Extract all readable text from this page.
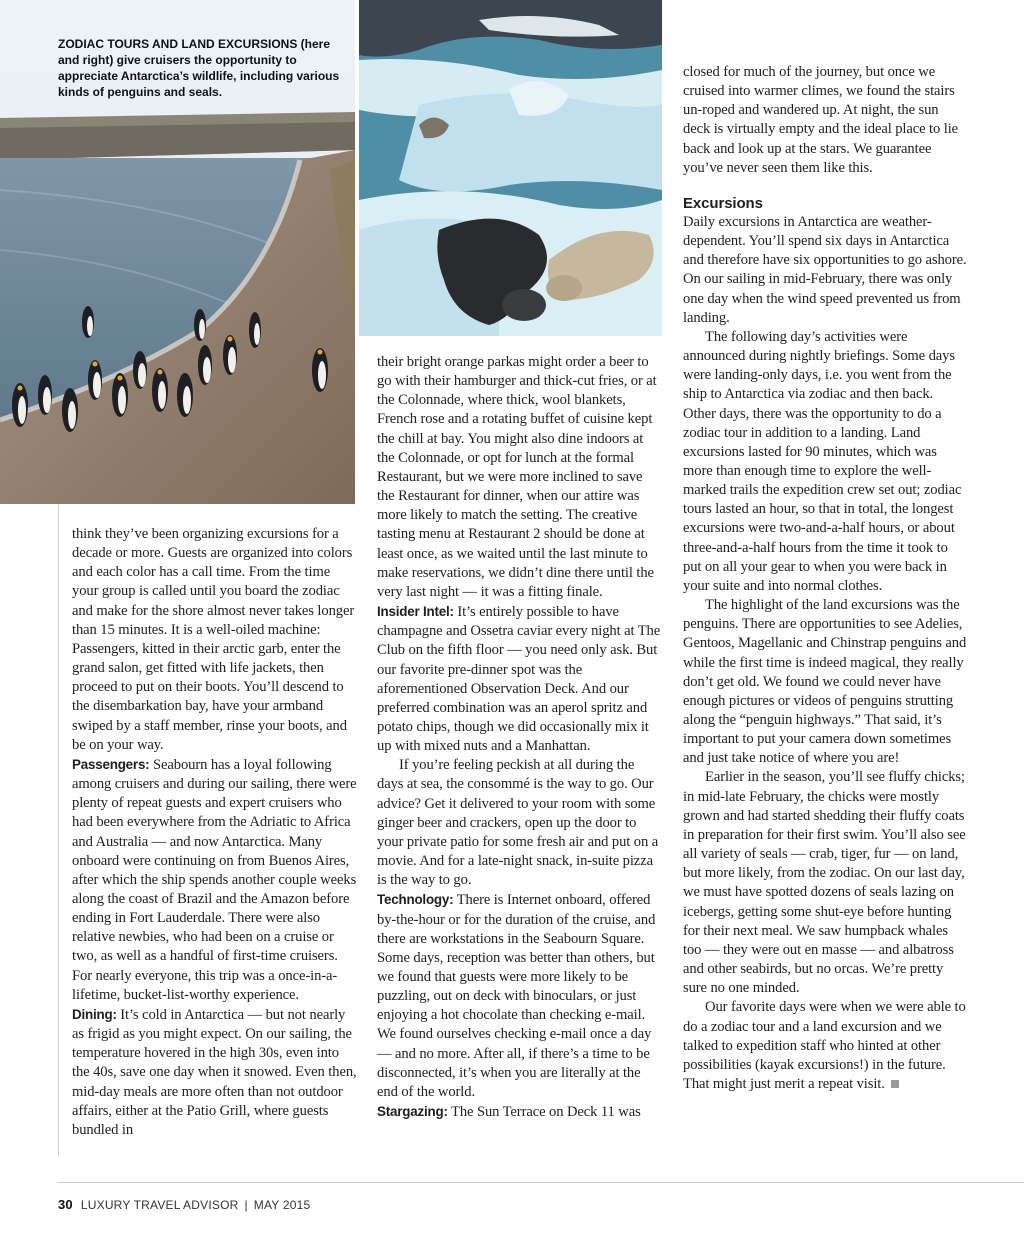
ZODIAC TOURS AND LAND EXCURSIONS (here and right) give cruisers the opportunity to appreciate Antarctica’s wildlife, including various kinds of penguins and seals.

think they’ve been organizing excursions for a decade or more. Guests are organized into colors and each color has a call time. From the time your group is called until you board the zodiac and make for the shore almost never takes longer than 15 minutes. It is a well-oiled machine: Passengers, kitted in their arctic garb, enter the grand salon, get fitted with life jackets, then proceed to put on their boots. You’ll descend to the disembarkation bay, have your armband swiped by a staff member, rinse your boots, and be on your way.

Passengers: Seabourn has a loyal following among cruisers and during our sailing, there were plenty of repeat guests and expert cruisers who had been everywhere from the Adriatic to Africa and Australia — and now Antarctica. Many onboard were continuing on from Buenos Aires, after which the ship spends another couple weeks along the coast of Brazil and the Amazon before ending in Fort Lauderdale. There were also relative newbies, who had been on a cruise or two, as well as a handful of first-time cruisers. For nearly everyone, this trip was a once-in-a-lifetime, bucket-list-worthy experience.

Dining: It’s cold in Antarctica — but not nearly as frigid as you might expect. On our sailing, the temperature hovered in the high 30s, even into the 40s, save one day when it snowed. Even then, mid-day meals are more often than not outdoor affairs, either at the Patio Grill, where guests bundled in

their bright orange parkas might order a beer to go with their hamburger and thick-cut fries, or at the Colonnade, where thick, wool blankets, French rose and a rotating buffet of cuisine kept the chill at bay. You might also dine indoors at the Colonnade, or opt for lunch at the formal Restaurant, but we were more inclined to save the Restaurant for dinner, when our attire was more likely to match the setting. The creative tasting menu at Restaurant 2 should be done at least once, as we waited until the last minute to make reservations, we didn’t dine there until the very last night — it was a fitting finale.

Insider Intel: It’s entirely possible to have champagne and Ossetra caviar every night at The Club on the fifth floor — you need only ask. But our favorite pre-dinner spot was the aforementioned Observation Deck. And our preferred combination was an aperol spritz and potato chips, though we did occasionally mix it up with mixed nuts and a Manhattan.

If you’re feeling peckish at all during the days at sea, the consommé is the way to go. Our advice? Get it delivered to your room with some ginger beer and crackers, open up the door to your private patio for some fresh air and put on a movie. And for a late-night snack, in-suite pizza is the way to go.

Technology: There is Internet onboard, offered by-the-hour or for the duration of the cruise, and there are workstations in the Seabourn Square. Some days, reception was better than others, but we found that guests were more likely to be puzzling, out on deck with binoculars, or just enjoying a hot chocolate than checking e-mail. We found ourselves checking e-mail once a day — and no more. After all, if there’s a time to be disconnected, it’s when you are literally at the end of the world.

Stargazing: The Sun Terrace on Deck 11 was

closed for much of the journey, but once we cruised into warmer climes, we found the stairs un-roped and wandered up. At night, the sun deck is virtually empty and the ideal place to lie back and look up at the stars. We guarantee you’ve never seen them like this.

Excursions

Daily excursions in Antarctica are weather-dependent. You’ll spend six days in Antarctica and therefore have six opportunities to go ashore. On our sailing in mid-February, there was only one day when the wind speed prevented us from landing.

The following day’s activities were announced during nightly briefings. Some days were landing-only days, i.e. you went from the ship to Antarctica via zodiac and then back. Other days, there was the opportunity to do a zodiac tour in addition to a landing. Land excursions lasted for 90 minutes, which was more than enough time to explore the well-marked trails the expedition crew set out; zodiac tours lasted an hour, so that in total, the longest excursions were two-and-a-half hours, or about three-and-a-half hours from the time it took to put on all your gear to when you were back in your suite and into normal clothes.

The highlight of the land excursions was the penguins. There are opportunities to see Adelies, Gentoos, Magellanic and Chinstrap penguins and while the first time is indeed magical, they really don’t get old. We found we could never have enough pictures or videos of penguins strutting along the “penguin highways.” That said, it’s important to put your camera down sometimes and just take notice of where you are!

Earlier in the season, you’ll see fluffy chicks; in mid-late February, the chicks were mostly grown and had started shedding their fluffy coats in preparation for their first swim. You’ll also see all variety of seals — crab, tiger, fur — on land, but more likely, from the zodiac. On our last day, we must have spotted dozens of seals lazing on icebergs, getting some shut-eye before hunting for their next meal. We saw humpback whales too — they were out en masse — and albatross and other seabirds, but no orcas. We’re pretty sure no one minded.

Our favorite days were when we were able to do a zodiac tour and a land excursion and we talked to expedition staff who hinted at other possibilities (kayak excursions!) in the future. That might just merit a repeat visit.

30 LUXURY TRAVEL ADVISOR | MAY 2015
